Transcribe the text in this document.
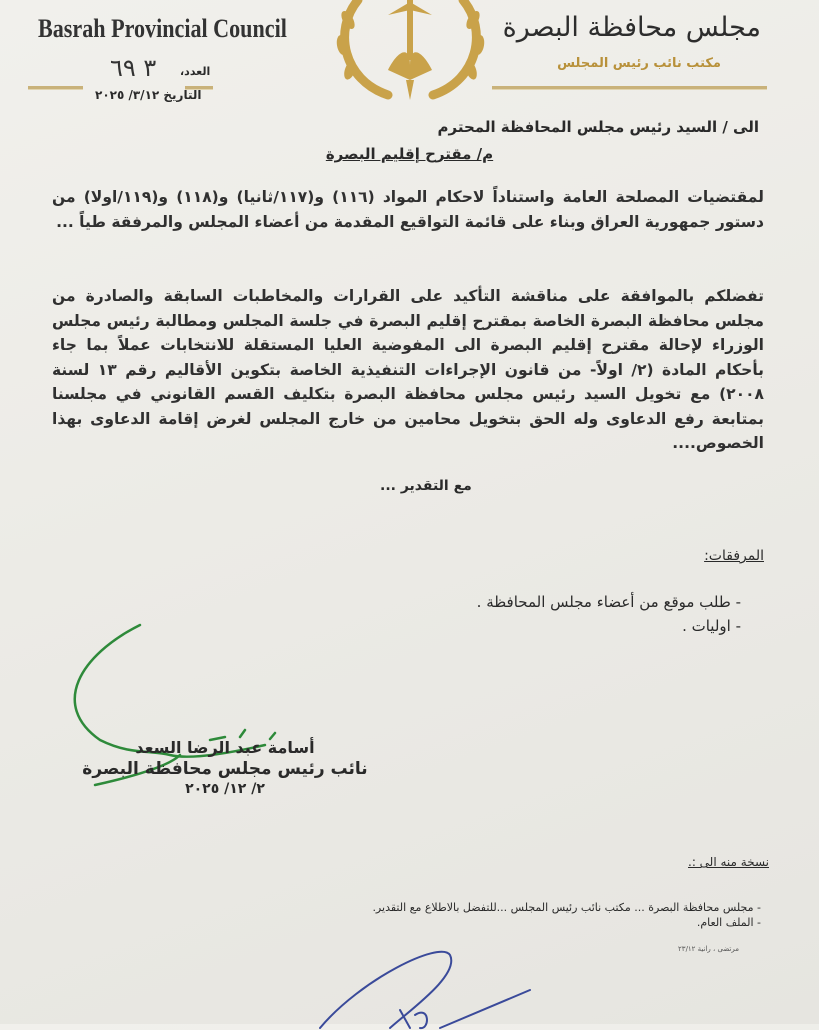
Basrah Provincial Council	مجلس محافظة البصرة
مكتب نائب رئيس المجلس
العدد،
٣ ٦٩
التاريخ ٣/١٢/ ٢٠٢٥
الى / السيد رئيس مجلس المحافظة المحترم
م/ مقترح إقليم البصرة
لمقتضيات المصلحة العامة واستناداً لاحكام المواد (١١٦) و(١١٧/ثانيا) و(١١٨) و(١١٩/اولا) من دستور جمهورية العراق وبناء على قائمة التواقيع المقدمة من أعضاء المجلس والمرفقة طياً ...
تفضلكم بالموافقة على مناقشة التأكيد على القرارات والمخاطبات السابقة والصادرة من مجلس محافظة البصرة الخاصة بمقترح إقليم البصرة في جلسة المجلس ومطالبة رئيس مجلس الوزراء لإحالة مقترح إقليم البصرة الى المفوضية العليا المستقلة للانتخابات عملاً بما جاء بأحكام المادة (٢/ اولاً- من قانون الإجراءات التنفيذية الخاصة بتكوين الأقاليم رقم ١٣ لسنة ٢٠٠٨) مع تخويل السيد رئيس مجلس محافظة البصرة بتكليف القسم القانوني في مجلسنا بمتابعة رفع الدعاوى وله الحق بتخويل محامين من خارج المجلس لغرض إقامة الدعاوى بهذا الخصوص....
مع التقدير ...
المرفقات:
- طلب موقع من أعضاء مجلس المحافظة .
- اوليات .
أسامة عبد الرضا السعد
نائب رئيس مجلس محافظة البصرة
٢/ ١٢/ ٢٠٢٥
نسخة منه الى :.
- مجلس محافظة البصرة ... مكتب نائب رئيس المجلس ...للتفضل بالاطلاع مع التقدير.
- الملف العام.
مرتضى ، رانية ٢٣/١٢
